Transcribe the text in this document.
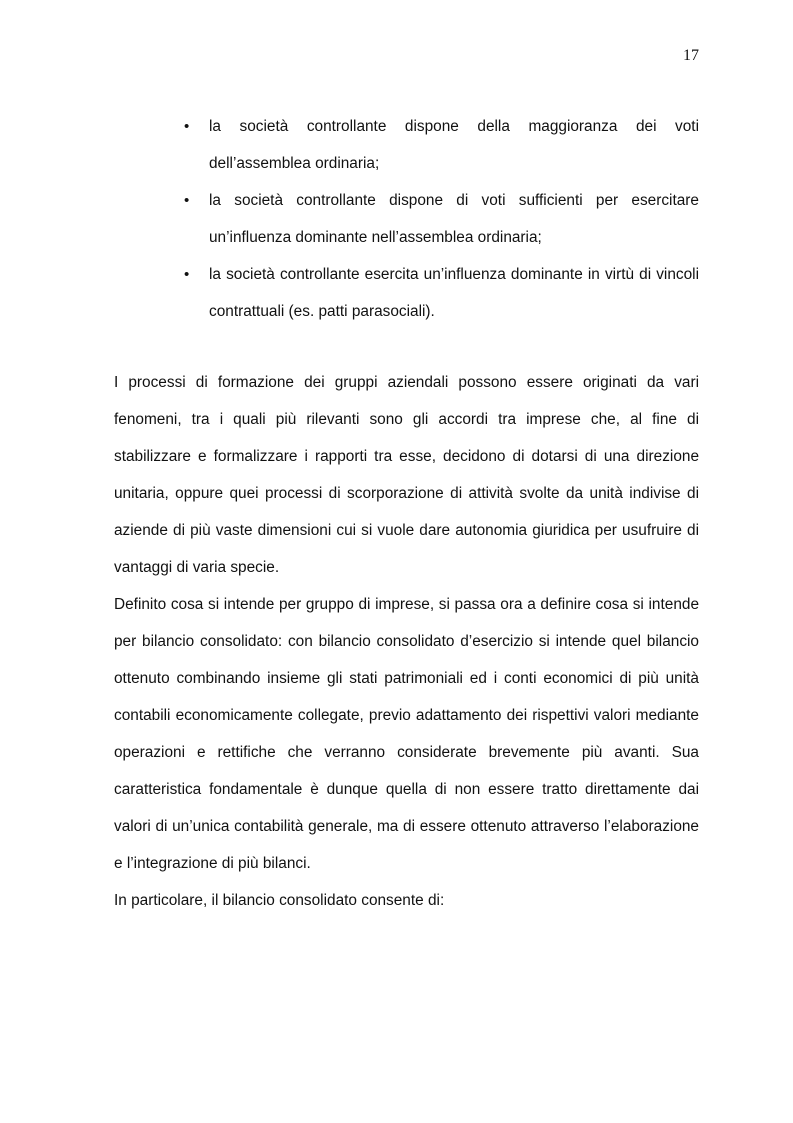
17

• la società controllante dispone della maggioranza dei voti dell’assemblea ordinaria;

• la società controllante dispone di voti sufficienti per esercitare un’influenza dominante nell’assemblea ordinaria;

• la società controllante esercita un’influenza dominante in virtù di vincoli contrattuali (es. patti parasociali).

I processi di formazione dei gruppi aziendali possono essere originati da vari fenomeni, tra i quali più rilevanti sono gli accordi tra imprese che, al fine di stabilizzare e formalizzare i rapporti tra esse, decidono di dotarsi di una direzione unitaria, oppure quei processi di scorporazione di attività svolte da unità indivise di aziende di più vaste dimensioni cui si vuole dare autonomia giuridica per usufruire di vantaggi di varia specie.

Definito cosa si intende per gruppo di imprese, si passa ora a definire cosa si intende per bilancio consolidato: con bilancio consolidato d’esercizio si intende quel bilancio ottenuto combinando insieme gli stati patrimoniali ed i conti economici di più unità contabili economicamente collegate, previo adattamento dei rispettivi valori mediante operazioni e rettifiche che verranno considerate brevemente più avanti. Sua caratteristica fondamentale è dunque quella di non essere tratto direttamente dai valori di un’unica contabilità generale, ma di essere ottenuto attraverso l’elaborazione e l’integrazione di più bilanci.

In particolare, il bilancio consolidato consente di:
